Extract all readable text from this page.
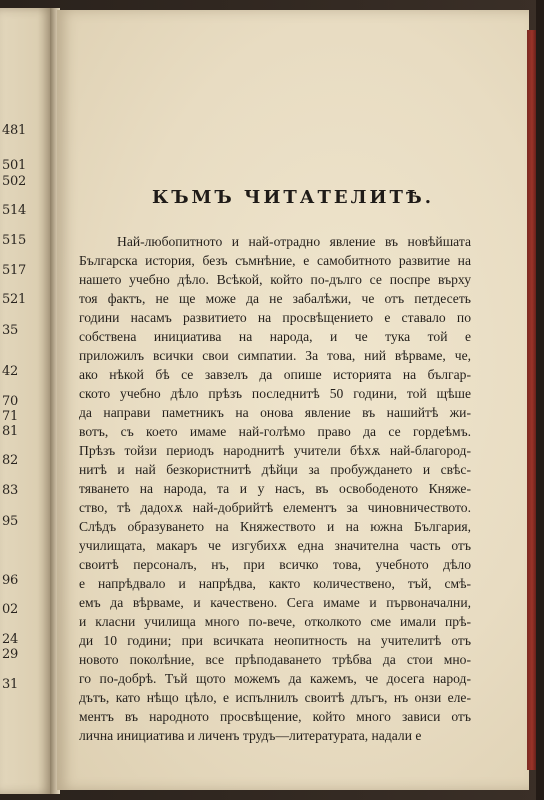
481
501
502
514
515
517
521
35
42
70
71
81
82
83
95
96
02
24
29
31
КЪМЪ ЧИТАТЕЛИТѢ.
Най-любопитното и най-отрадно явление въ новѣйшата
Българска история, безъ съмнѣние, е самобитното развитие на
нашето учебно дѣло. Всѣкой, който по-дълго се поспре върху
тоя фактъ, не ще може да не забалѣжи, че отъ петдесеть
години насамъ развитието на просвѣщението е ставало по
собствена инициатива на народа, и че тука той е
приложилъ всички свои симпатии. За това, ний вѣрваме, че,
ако нѣкой бѣ се завзелъ да опише историята на българ-
ското учебно дѣло прѣзъ последнитѣ 50 години, той щѣше
да направи паметникъ на онова явление въ нашийтѣ жи-
вотъ, съ което имаме най-голѣмо право да се гордеѣмъ.
Прѣзъ тойзи периодъ народнитѣ учители бѣхѫ най-благород-
нитѣ и най безкористнитѣ дѣйци за пробуждането и свѣс-
тяването на народа, та и у насъ, въ освободеното Княже-
ство, тѣ дадохѫ най-добрийтѣ елементъ за чиновничеството.
Слѣдъ образуването на Княжеството и на южна България,
училищата, макаръ че изгубихѫ една значителна часть отъ
своитѣ персоналъ, нъ, при всичко това, учебното дѣло
е напрѣдвало и напрѣдва, както количествено, тъй, смѣ-
емъ да вѣрваме, и качествено. Сега имаме и първоначални,
и класни училища много по-вече, отколкото сме имали прѣ-
ди 10 години; при всичката неопитность на учителитѣ отъ
новото поколѣние, все прѣподаването трѣбва да стои мно-
го по-добрѣ. Тъй щото можемъ да кажемъ, че досега народ-
дътъ, като нѣщо цѣло, е испълнилъ своитѣ длъгъ, нъ онзи еле-
ментъ въ народното просвѣщение, който много зависи отъ
лична инициатива и личенъ трудъ—литературата, надали е
